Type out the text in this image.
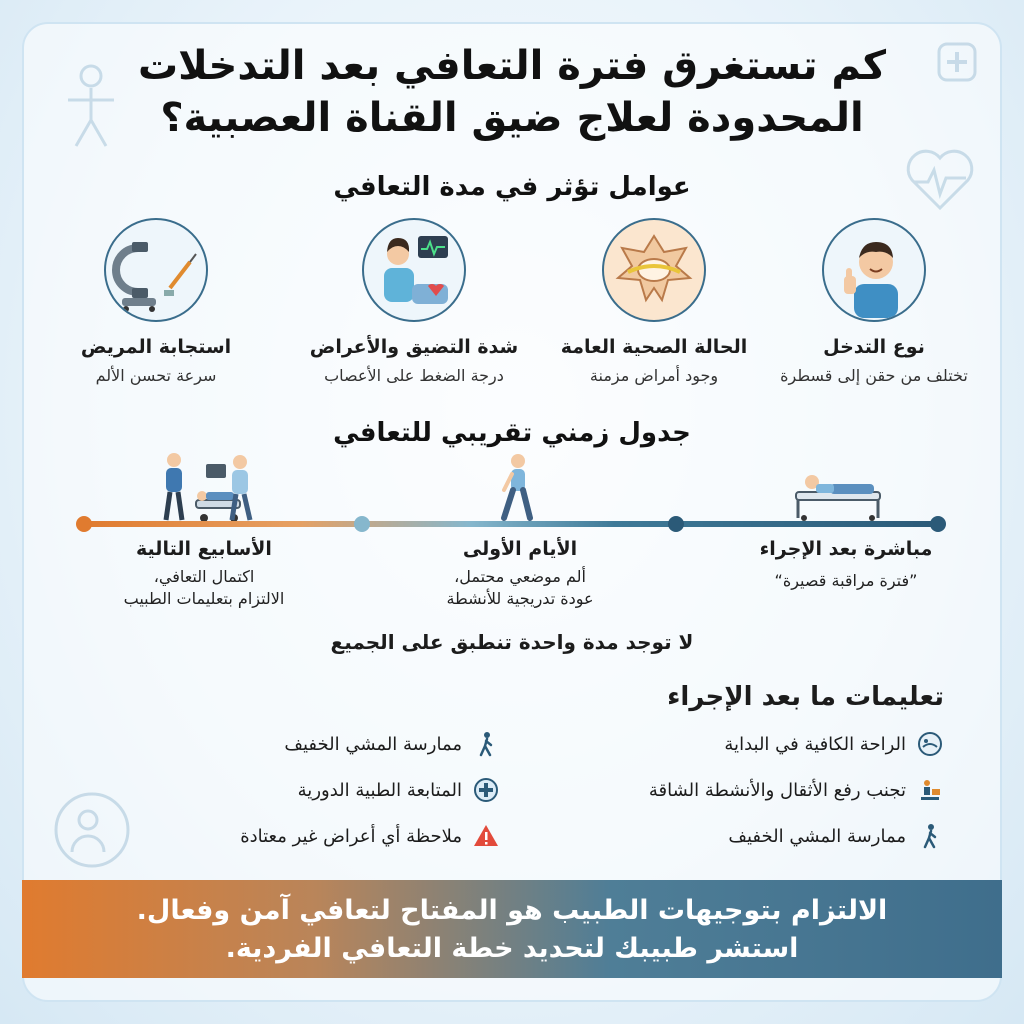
كم تستغرق فترة التعافي بعد التدخلات
المحدودة لعلاج ضيق القناة العصبية؟
عوامل تؤثر في مدة التعافي
نوع التدخل
تختلف من حقن إلى قسطرة
الحالة الصحية العامة
وجود أمراض مزمنة
شدة التضيق والأعراض
درجة الضغط على الأعصاب
استجابة المريض
سرعة تحسن الألم
جدول زمني تقريبي للتعافي
مباشرة بعد الإجراء
”فترة مراقبة قصيرة“
الأيام الأولى
ألم موضعي محتمل،
عودة تدريجية للأنشطة
الأسابيع التالية
اكتمال التعافي،
الالتزام بتعليمات الطبيب
لا توجد مدة واحدة تنطبق على الجميع
تعليمات ما بعد الإجراء
الراحة الكافية في البداية
تجنب رفع الأثقال والأنشطة الشاقة
ممارسة المشي الخفيف
ممارسة المشي الخفيف
المتابعة الطبية الدورية
ملاحظة أي أعراض غير معتادة
الالتزام بتوجيهات الطبيب هو المفتاح لتعافي آمن وفعال.
استشر طبيبك لتحديد خطة التعافي الفردية.
